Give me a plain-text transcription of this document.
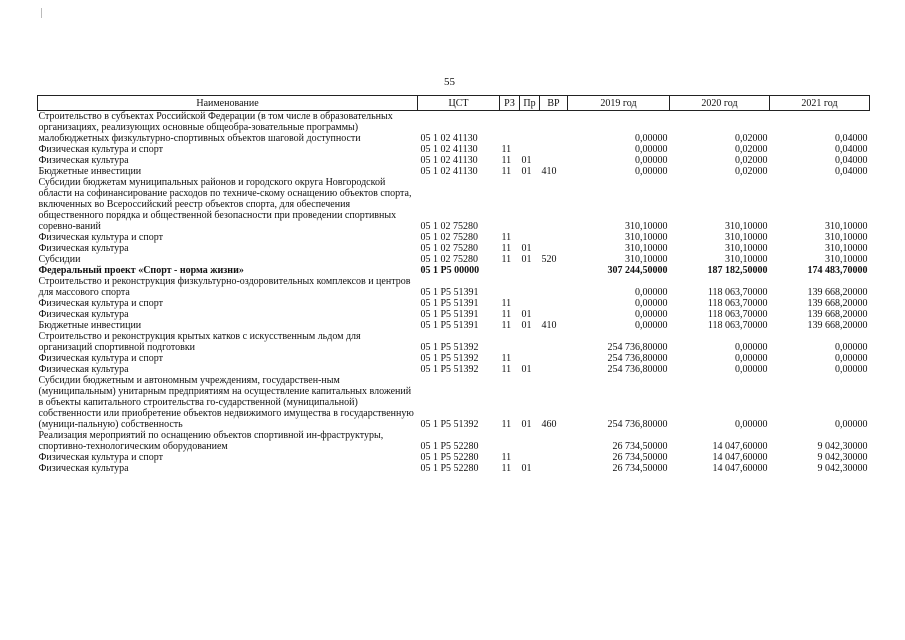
55
Наименование	ЦСТ	РЗ	Пр	ВР	2019 год	2020 год	2021 год
Строительство в субъектах Российской Федерации (в том числе в образовательных организациях, реализующих основные общеобра-зовательные программы) малобюджетных физкультурно-спортивных объектов шаговой доступности	05 1 02 41130				0,00000	0,02000	0,04000
Физическая культура и спорт	05 1 02 41130	11			0,00000	0,02000	0,04000
Физическая культура	05 1 02 41130	11	01		0,00000	0,02000	0,04000
Бюджетные инвестиции	05 1 02 41130	11	01	410	0,00000	0,02000	0,04000
Субсидии бюджетам муниципальных районов и городского округа Новгородской области на софинансирование расходов по техниче-скому оснащению объектов спорта, включенных во Всероссийский реестр объектов спорта, для обеспечения общественного порядка и общественной безопасности при проведении спортивных соревно-ваний	05 1 02 75280				310,10000	310,10000	310,10000
Физическая культура и спорт	05 1 02 75280	11			310,10000	310,10000	310,10000
Физическая культура	05 1 02 75280	11	01		310,10000	310,10000	310,10000
Субсидии	05 1 02 75280	11	01	520	310,10000	310,10000	310,10000
Федеральный проект «Спорт - норма жизни»	05 1 P5 00000				307 244,50000	187 182,50000	174 483,70000
Строительство и реконструкция физкультурно-оздоровительных комплексов и центров для массового спорта	05 1 P5 51391				0,00000	118 063,70000	139 668,20000
Физическая культура и спорт	05 1 P5 51391	11			0,00000	118 063,70000	139 668,20000
Физическая культура	05 1 P5 51391	11	01		0,00000	118 063,70000	139 668,20000
Бюджетные инвестиции	05 1 P5 51391	11	01	410	0,00000	118 063,70000	139 668,20000
Строительство и реконструкция крытых катков с искусственным льдом для организаций спортивной подготовки	05 1 P5 51392				254 736,80000	0,00000	0,00000
Физическая культура и спорт	05 1 P5 51392	11			254 736,80000	0,00000	0,00000
Физическая культура	05 1 P5 51392	11	01		254 736,80000	0,00000	0,00000
Субсидии бюджетным и автономным учреждениям, государствен-ным (муниципальным) унитарным предприятиям на осуществление капитальных вложений в объекты капитального строительства го-сударственной (муниципальной) собственности или приобретение объектов недвижимого имущества в государственную (муници-пальную) собственность	05 1 P5 51392	11	01	460	254 736,80000	0,00000	0,00000
Реализация мероприятий по оснащению объектов спортивной ин-фраструктуры, спортивно-технологическим оборудованием	05 1 P5 52280				26 734,50000	14 047,60000	9 042,30000
Физическая культура и спорт	05 1 P5 52280	11			26 734,50000	14 047,60000	9 042,30000
Физическая культура	05 1 P5 52280	11	01		26 734,50000	14 047,60000	9 042,30000
